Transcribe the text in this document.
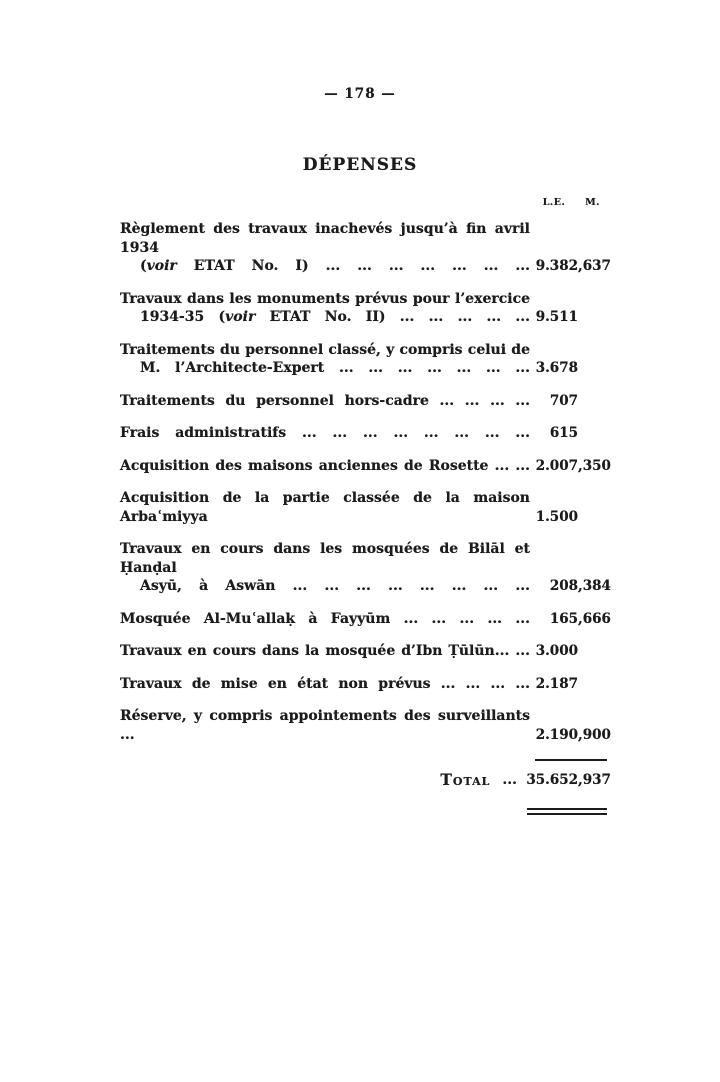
— 178 —
DÉPENSES
L.E.	M.
Règlement des travaux inachevés jusqu’à fin avril 1934
(voir ETAT No. I) ... ... ... ... ... ... ... 9.382 ,637
Travaux dans les monuments prévus pour l’exercice
1934-35 (voir ETAT No. II) ... ... ... ... ... 9.511
Traitements du personnel classé, y compris celui de
M. l’Architecte-Expert ... ... ... ... ... ... ... 3.678
Traitements du personnel hors-cadre ... ... ... ...	707
Frais administratifs ... ... ... ... ... ... ... ...	615
Acquisition des maisons anciennes de Rosette ... ... 2.007 ,350
Acquisition de la partie classée de la maison Arbaʿmiyya	1.500
Travaux en cours dans les mosquées de Bilāl et Ḥanḍal
Asyū, à Aswān ... ... ... ... ... ... ... ...	208 ,384
Mosquée Al-Muʿallaḳ à Fayyūm ... ... ... ... ...	165 ,666
Travaux en cours dans la mosquée d’Ibn Ṭūlūn... ... 3.000
Travaux de mise en état non prévus ... ... ... ... 2.187
Réserve, y compris appointements des surveillants ...	2.190 ,900
Total ... 35.652 ,937
